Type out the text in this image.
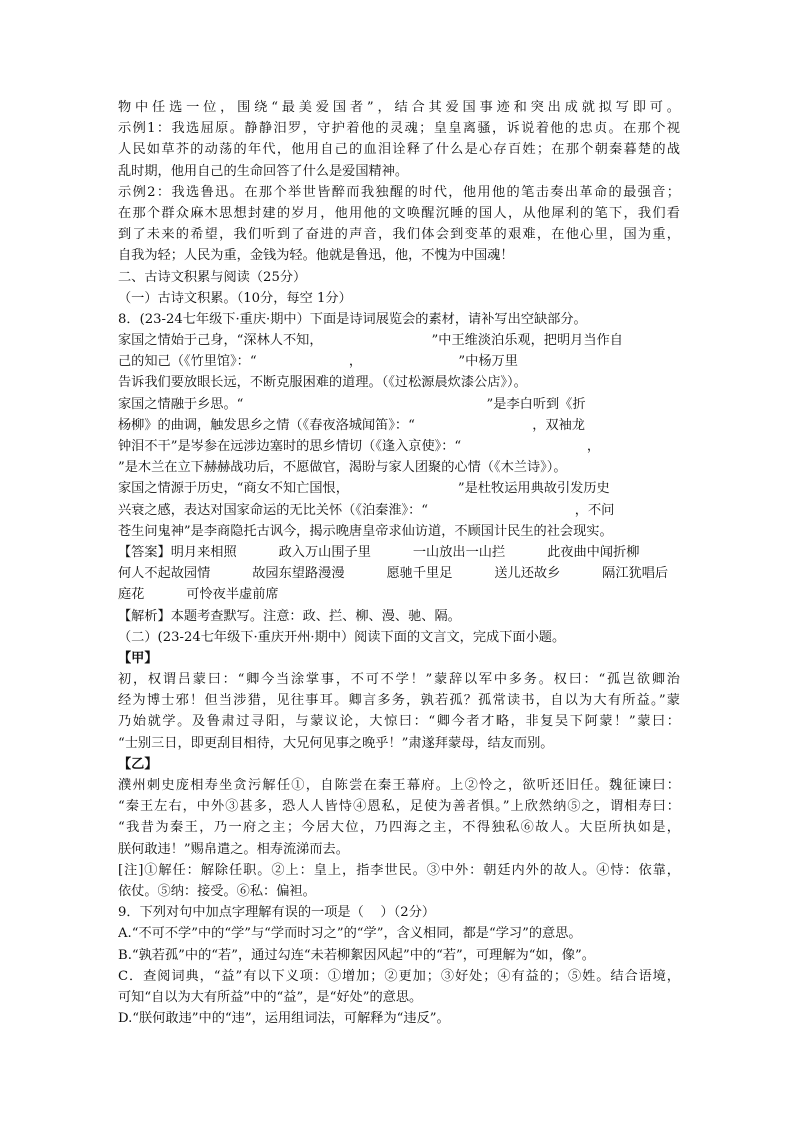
物中任选一位，围绕“最美爱国者”，结合其爱国事迹和突出成就拟写即可。
示例1：我选屈原。静静汨罗，守护着他的灵魂；皇皇离骚，诉说着他的忠贞。在那个视
人民如草芥的动荡的年代，他用自己的血泪诠释了什么是心存百姓；在那个朝秦暮楚的战
乱时期，他用自己的生命回答了什么是爱国精神。
示例2：我选鲁迅。在那个举世皆醉而我独醒的时代，他用他的笔击奏出革命的最强音；
在那个群众麻木思想封建的岁月，他用他的文唤醒沉睡的国人，从他犀利的笔下，我们看
到了未来的希望，我们听到了奋进的声音，我们体会到变革的艰难，在他心里，国为重，
自我为轻；人民为重，金钱为轻。他就是鲁迅，他，不愧为中国魂！
二、古诗文积累与阅读（25分）
（一）古诗文积累。（10分，每空 1分）
8．(23-24七年级下·重庆·期中）下面是诗词展览会的素材，请补写出空缺部分。
家国之情始于己身，“深林人不知，                          ”中王维淡泊乐观，把明月当作自
己的知己（《竹里馆》：“                      ，                       ”中杨万里
告诉我们要放眼长远，不断克服困难的道理。（《过松源晨炊漆公店》）。
家国之情融于乡思。“                                                          ”是李白听到《折
杨柳》的曲调，触发思乡之情（《春夜洛城闻笛》：“                            ，双袖龙
钟泪不干”是岑参在远涉边塞时的思乡情切（《逢入京使》：“                              ，
”是木兰在立下赫赫战功后，不愿做官，渴盼与家人团聚的心情（《木兰诗》）。
家国之情源于历史，“商女不知亡国恨，                          ”是杜牧运用典故引发历史
兴衰之感，表达对国家命运的无比关怀（《泊秦淮》：“                                   ，不问
苍生问鬼神”是李商隐托古讽今，揭示晚唐皇帝求仙访道，不顾国计民生的社会现实。
【答案】明月来相照          政入万山围子里          一山放出一山拦          此夜曲中闻折柳
何人不起故园情          故园东望路漫漫          愿驰千里足          送儿还故乡          隔江犹唱后
庭花          可怜夜半虚前席
【解析】本题考查默写。注意：政、拦、柳、漫、驰、隔。
（二）(23-24七年级下·重庆开州·期中）阅读下面的文言文，完成下面小题。
【甲】
初，权谓吕蒙曰：“卿今当涂掌事，不可不学！”蒙辞以军中多务。权曰：“孤岂欲卿治
经为博士邪！但当涉猎，见往事耳。卿言多务，孰若孤？孤常读书，自以为大有所益。”蒙
乃始就学。及鲁肃过寻阳，与蒙议论，大惊曰：“卿今者才略，非复吴下阿蒙！”蒙曰：
“士别三日，即更刮目相待，大兄何见事之晚乎！”肃遂拜蒙母，结友而别。
【乙】
濮州刺史庞相寿坐贪污解任①，自陈尝在秦王幕府。上②怜之，欲听还旧任。魏征谏曰：
“秦王左右，中外③甚多，恐人人皆恃④恩私，足使为善者惧。”上欣然纳⑤之，谓相寿曰：
“我昔为秦王，乃一府之主；今居大位，乃四海之主，不得独私⑥故人。大臣所执如是，
朕何敢违！”赐帛遣之。相寿流涕而去。
[注]①解任：解除任职。②上：皇上，指李世民。③中外：朝廷内外的故人。④恃：依靠，
依仗。⑤纳：接受。⑥私：偏袒。
9．下列对句中加点字理解有误的一项是（    ）（2分）
A.“不可不学”中的“学”与“学而时习之”的“学”，含义相同，都是“学习”的意思。
B.“孰若孤”中的“若”，通过勾连“未若柳絮因风起”中的“若”，可理解为“如，像”。
C．查阅词典，“益”有以下义项：①增加；②更加；③好处；④有益的；⑤姓。结合语境，
可知“自以为大有所益”中的“益”，是“好处”的意思。
D.“朕何敢违”中的“违”，运用组词法，可解释为“违反”。
